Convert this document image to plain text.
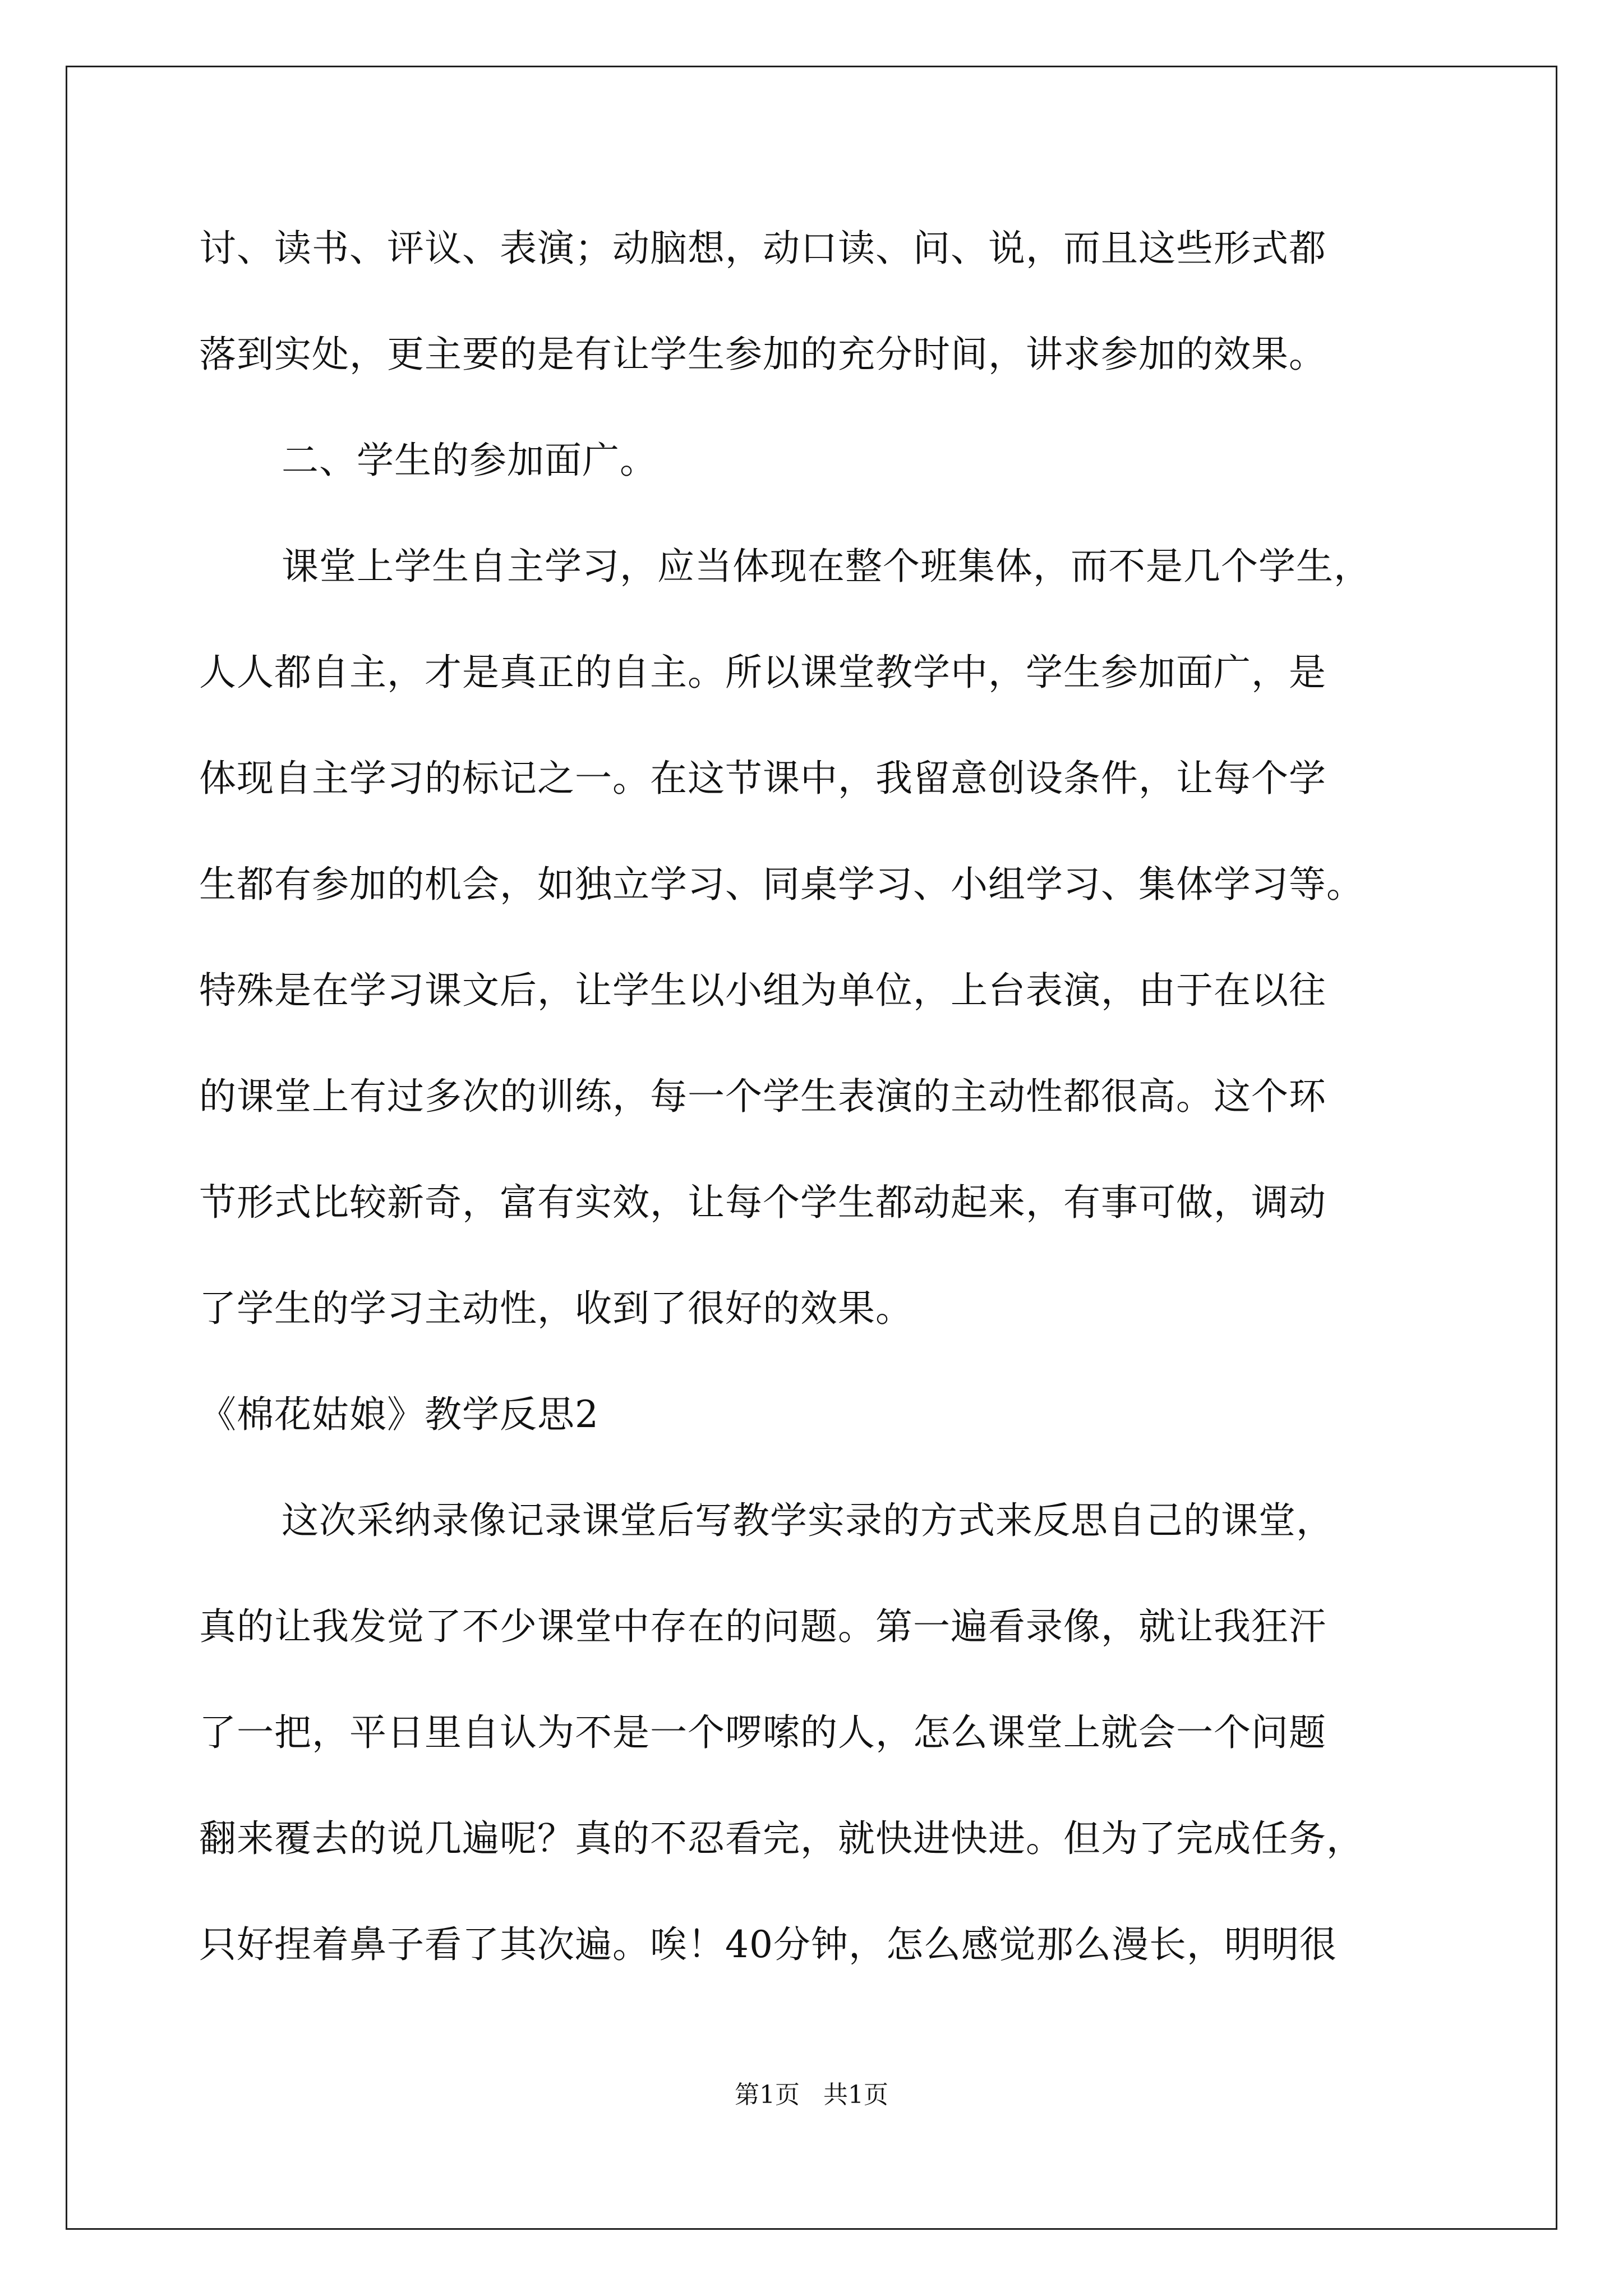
讨、读书、评议、表演；动脑想，动口读、问、说，而且这些形式都
落到实处，更主要的是有让学生参加的充分时间，讲求参加的效果。
二、学生的参加面广。
课堂上学生自主学习，应当体现在整个班集体，而不是几个学生，
人人都自主，才是真正的自主。所以课堂教学中，学生参加面广，是
体现自主学习的标记之一。在这节课中，我留意创设条件，让每个学
生都有参加的机会，如独立学习、同桌学习、小组学习、集体学习等。
特殊是在学习课文后，让学生以小组为单位，上台表演，由于在以往
的课堂上有过多次的训练，每一个学生表演的主动性都很高。这个环
节形式比较新奇，富有实效，让每个学生都动起来，有事可做，调动
了学生的学习主动性，收到了很好的效果。
《棉花姑娘》教学反思2
这次采纳录像记录课堂后写教学实录的方式来反思自己的课堂，
真的让我发觉了不少课堂中存在的问题。第一遍看录像，就让我狂汗
了一把，平日里自认为不是一个啰嗦的人，怎么课堂上就会一个问题
翻来覆去的说几遍呢？真的不忍看完，就快进快进。但为了完成任务，
只好捏着鼻子看了其次遍。唉！40分钟，怎么感觉那么漫长，明明很
第1页   共1页
